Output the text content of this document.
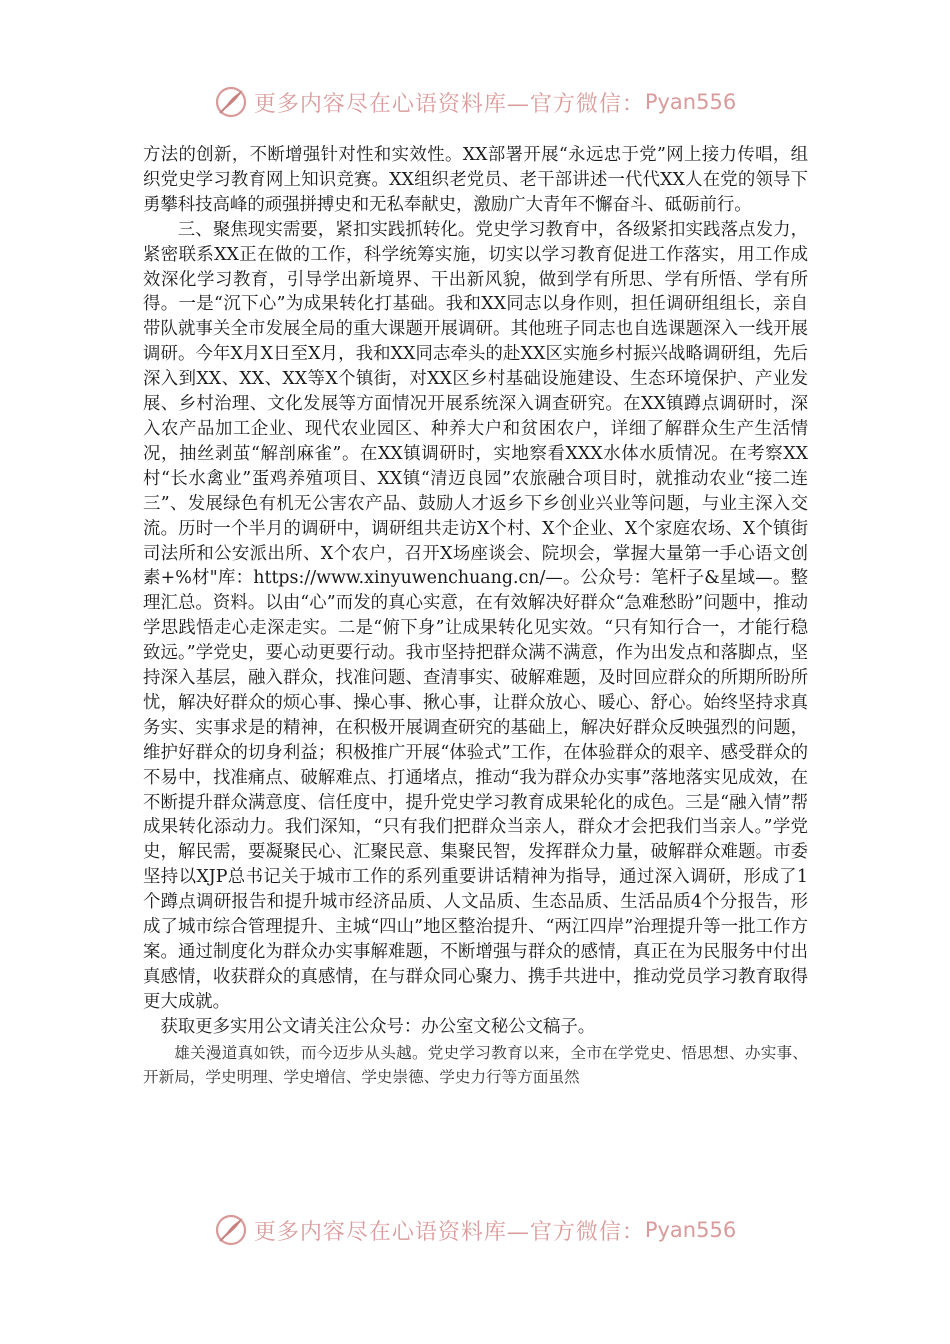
更多内容尽在心语资料库—官方微信： Pyan556

方法的创新，不断增强针对性和实效性。XX部署开展“永远忠于党”网上接力传唱，组织党史学习教育网上知识竞赛。XX组织老党员、老干部讲述一代代XX人在党的领导下勇攀科技高峰的顽强拼搏史和无私奉献史，激励广大青年不懈奋斗、砥砺前行。

三、聚焦现实需要，紧扣实践抓转化。党史学习教育中，各级紧扣实践落点发力，紧密联系XX正在做的工作，科学统筹实施，切实以学习教育促进工作落实，用工作成效深化学习教育，引导学出新境界、干出新风貌，做到学有所思、学有所悟、学有所得。一是“沉下心”为成果转化打基础。我和XX同志以身作则，担任调研组组长，亲自带队就事关全市发展全局的重大课题开展调研。其他班子同志也自选课题深入一线开展调研。今年X月X日至X月，我和XX同志牵头的赴XX区实施乡村振兴战略调研组，先后深入到XX、XX、XX等X个镇街，对XX区乡村基础设施建设、生态环境保护、产业发展、乡村治理、文化发展等方面情况开展系统深入调查研究。在XX镇蹲点调研时，深入农产品加工企业、现代农业园区、种养大户和贫困农户，详细了解群众生产生活情况，抽丝剥茧“解剖麻雀”。在XX镇调研时，实地察看XXX水体水质情况。在考察XX村“长水禽业”蛋鸡养殖项目、XX镇“清迈良园”农旅融合项目时，就推动农业“接二连三”、发展绿色有机无公害农产品、鼓励人才返乡下乡创业兴业等问题，与业主深入交流。历时一个半月的调研中，调研组共走访X个村、X个企业、X个家庭农场、X个镇街司法所和公安派出所、X个农户，召开X场座谈会、院坝会，掌握大量第一手心语文创素+%材"库：https://www.xinyuwenchuang.cn/—。公众号：笔杆子&星域—。整理汇总。资料。以由“心”而发的真心实意，在有效解决好群众“急难愁盼”问题中，推动学思践悟走心走深走实。二是“俯下身”让成果转化见实效。“只有知行合一，才能行稳致远。”学党史，要心动更要行动。我市坚持把群众满不满意，作为出发点和落脚点，坚持深入基层，融入群众，找准问题、查清事实、破解难题，及时回应群众的所期所盼所忧，解决好群众的烦心事、操心事、揪心事，让群众放心、暖心、舒心。始终坚持求真务实、实事求是的精神，在积极开展调查研究的基础上，解决好群众反映强烈的问题，维护好群众的切身利益；积极推广开展“体验式”工作，在体验群众的艰辛、感受群众的不易中，找准痛点、破解难点、打通堵点，推动“我为群众办实事”落地落实见成效，在不断提升群众满意度、信任度中，提升党史学习教育成果轮化的成色。三是“融入情”帮成果转化添动力。我们深知，“只有我们把群众当亲人，群众才会把我们当亲人。”学党史，解民需，要凝聚民心、汇聚民意、集聚民智，发挥群众力量，破解群众难题。市委坚持以XJP总书记关于城市工作的系列重要讲话精神为指导，通过深入调研，形成了1个蹲点调研报告和提升城市经济品质、人文品质、生态品质、生活品质4个分报告，形成了城市综合管理提升、主城“四山”地区整治提升、“两江四岸”治理提升等一批工作方案。通过制度化为群众办实事解难题，不断增强与群众的感情，真正在为民服务中付出真感情，收获群众的真感情，在与群众同心聚力、携手共进中，推动党员学习教育取得更大成就。

获取更多实用公文请关注公众号：办公室文秘公文稿子。

雄关漫道真如铁，而今迈步从头越。党史学习教育以来，全市在学党史、悟思想、办实事、开新局，学史明理、学史增信、学史崇德、学史力行等方面虽然

更多内容尽在心语资料库—官方微信： Pyan556
